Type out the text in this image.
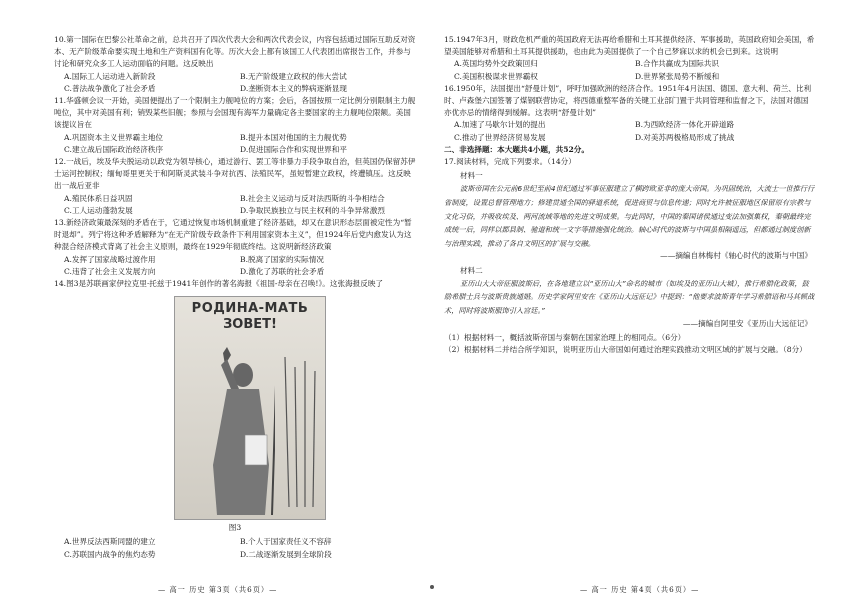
10.第一国际在巴黎公社革命之前，总共召开了四次代表大会和两次代表会议，内容包括通过国际互助反对资本、无产阶级革命要实现土地和生产资料国有化等。历次大会上都有该国工人代表团出席报告工作，并参与讨论和研究众多工人运动面临的问题。这反映出

A.国际工人运动进入新阶段	B.无产阶级建立政权的伟大尝试
C.普法战争激化了社会矛盾	D.垄断资本主义的弊病逐渐显现

11.华盛顿会议一开始，美国便提出了一个限制主力舰吨位的方案；会后，各国按照一定比例分别限制主力舰吨位，其中对美国有利；销毁某些旧舰；参照与会国现有海军力量确定各主要国家的主力舰吨位限额。美国该提议旨在

A.巩固资本主义世界霸主地位	B.提升本国对他国的主力舰优势
C.建立战后国际政治经济秩序	D.促进国际合作和实现世界和平

12.一战后，埃及华夫脱运动以政党为领导核心，通过游行、罢工等非暴力手段争取自治，但英国仍保留苏伊士运河控制权；缅甸哥里更关于和阿斯灵武装斗争对抗西、法殖民军，虽短暂建立政权，终遭镇压。这反映出一战后亚非

A.殖民体系日益巩固	B.社会主义运动与反对法西斯的斗争相结合
C.工人运动蓬勃发展	D.争取民族独立与民主权利的斗争异常激烈

13.新经济政策最深刻的矛盾在于，它通过恢复市场机制重建了经济基础，却又在意识形态层面被定性为“暂时退却”。列宁将这种矛盾解释为“在无产阶级专政条件下利用国家资本主义”，但1924年后党内愈发认为这种混合经济模式背离了社会主义原则，最终在1929年彻底终结。这说明新经济政策

A.发挥了国家战略过渡作用	B.脱离了国家的实际情况
C.违背了社会主义发展方向	D.激化了苏联的社会矛盾

14.图3是苏联画家伊拉克里·托兹于1941年创作的著名海报《祖国-母亲在召唤!》。这张海报反映了

РОДИНА-МАТЬ
ЗОВЕТ!
图3
A.世界反法西斯同盟的建立	B.个人于国家责任义不容辞
C.苏联国内战争的焦灼态势	D.二战逐渐发展到全球阶段

15.1947年3月，财政危机严重的英国政府无法再给希腊和土耳其提供经济、军事援助，英国政府知会美国，希望美国能够对希腊和土耳其提供援助，也由此为美国提供了一个自己梦寐以求的机会已到来。这说明

A.英国均势外交政策回归	B.合作共赢成为国际共识
C.美国积极谋求世界霸权	D.世界紧张局势不断缓和

16.1950年，法国提出“舒曼计划”，呼吁加强欧洲的经济合作。1951年4月法国、德国、意大利、荷兰、比利时、卢森堡六国签署了煤钢联营协定，将西德重整军备的关键工业部门置于共同管理和监督之下，法国对德国亦优亦忌的情绪得到缓解。这表明“舒曼计划”

A.加速了马歇尔计划的提出	B.为西欧经济一体化开辟道路
C.推动了世界经济贸易发展	D.对美苏两极格局形成了挑战

二、非选择题：本大题共4小题，共52分。

17.阅读材料，完成下列要求。（14分）

材料一

波斯帝国在公元前6世纪至前4世纪通过军事征服建立了横跨欧亚非的庞大帝国。为巩固统治，大流士一世推行行省制度，设置总督管理地方；修建贯通全国的驿道系统，促进商贸与信息传递；同时允许被征服地区保留原有宗教与文化习俗，并吸收埃及、两河流域等地的先进文明成果。与此同时，中国的秦国诸侯通过变法加强集权，秦朝最终完成统一后，同样以郡县制、驰道和统一文字等措施强化统治。轴心时代的波斯与中国虽相隔遥远，但都通过制度创新与治理实践，推动了各自文明区的扩展与交融。

——摘编自林梅村《轴心时代的波斯与中国》

材料二

亚历山大大帝征服波斯后，在各地建立以“亚历山大”命名的城市（如埃及的亚历山大城），推行希腊化政策，鼓励希腊士兵与波斯贵族通婚。历史学家阿里安在《亚历山大远征记》中提到：“他要求波斯青年学习希腊语和马其顿战术，同时将波斯服饰引入宫廷。”

——摘编自阿里安《亚历山大远征记》

（1）根据材料一，概括波斯帝国与秦朝在国家治理上的相同点。（6分）

（2）根据材料二并结合所学知识，说明亚历山大帝国如何通过治理实践推动文明区域的扩展与交融。（8分）

— 高一 历史 第3页（共6页）—	— 高一 历史 第4页（共6页）—
